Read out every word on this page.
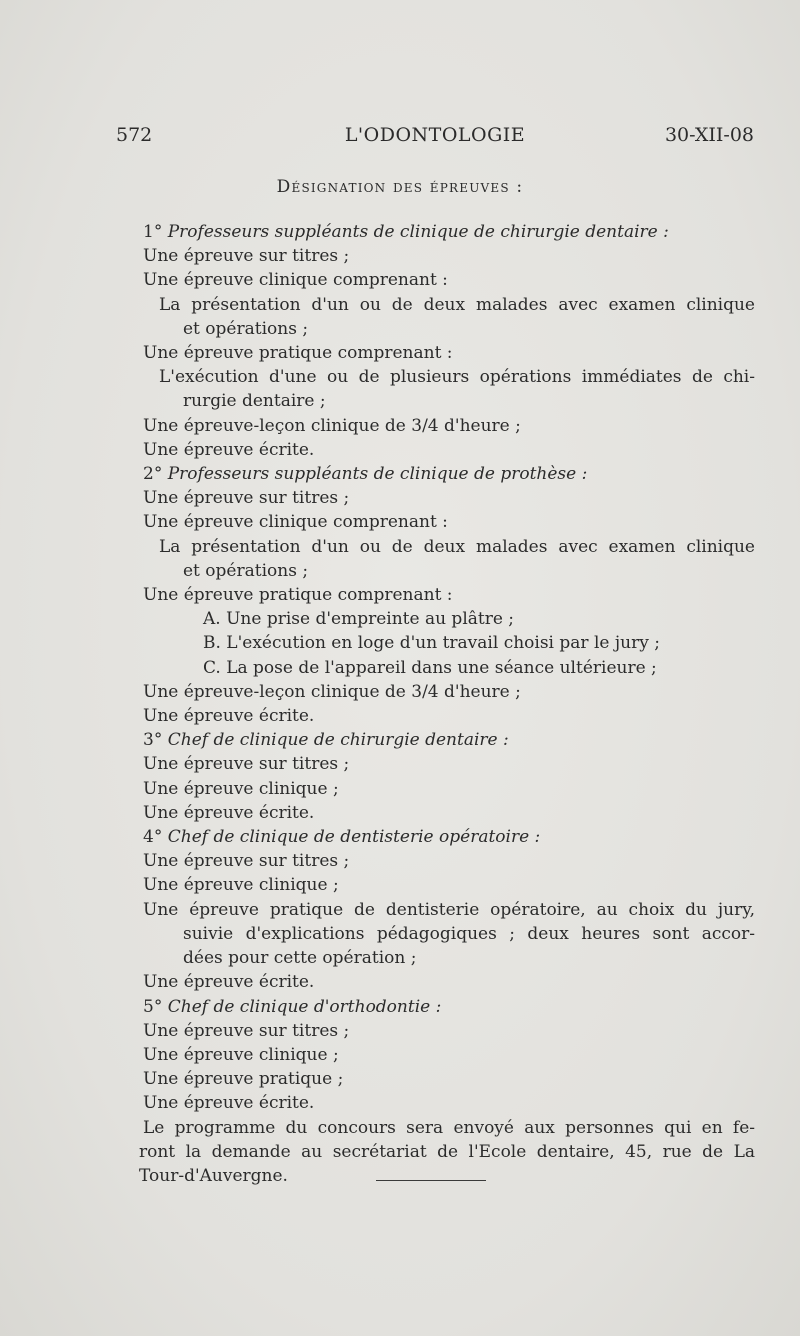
572	L'ODONTOLOGIE	30-XII-08
Désignation des épreuves :
1° Professeurs suppléants de clinique de chirurgie dentaire :
Une épreuve sur titres ;
Une épreuve clinique comprenant :
La présentation d'un ou de deux malades avec examen clinique
et opérations ;
Une épreuve pratique comprenant :
L'exécution d'une ou de plusieurs opérations immédiates de chi-
rurgie dentaire ;
Une épreuve-leçon clinique de 3/4 d'heure ;
Une épreuve écrite.
2° Professeurs suppléants de clinique de prothèse :
Une épreuve sur titres ;
Une épreuve clinique comprenant :
La présentation d'un ou de deux malades avec examen clinique
et opérations ;
Une épreuve pratique comprenant :
A. Une prise d'empreinte au plâtre ;
B. L'exécution en loge d'un travail choisi par le jury ;
C. La pose de l'appareil dans une séance ultérieure ;
Une épreuve-leçon clinique de 3/4 d'heure ;
Une épreuve écrite.
3° Chef de clinique de chirurgie dentaire :
Une épreuve sur titres ;
Une épreuve clinique ;
Une épreuve écrite.
4° Chef de clinique de dentisterie opératoire :
Une épreuve sur titres ;
Une épreuve clinique ;
Une épreuve pratique de dentisterie opératoire, au choix du jury,
suivie d'explications pédagogiques ; deux heures sont accor-
dées pour cette opération ;
Une épreuve écrite.
5° Chef de clinique d'orthodontie :
Une épreuve sur titres ;
Une épreuve clinique ;
Une épreuve pratique ;
Une épreuve écrite.
Le programme du concours sera envoyé aux personnes qui en fe-
ront la demande au secrétariat de l'Ecole dentaire, 45, rue de La
Tour-d'Auvergne.
